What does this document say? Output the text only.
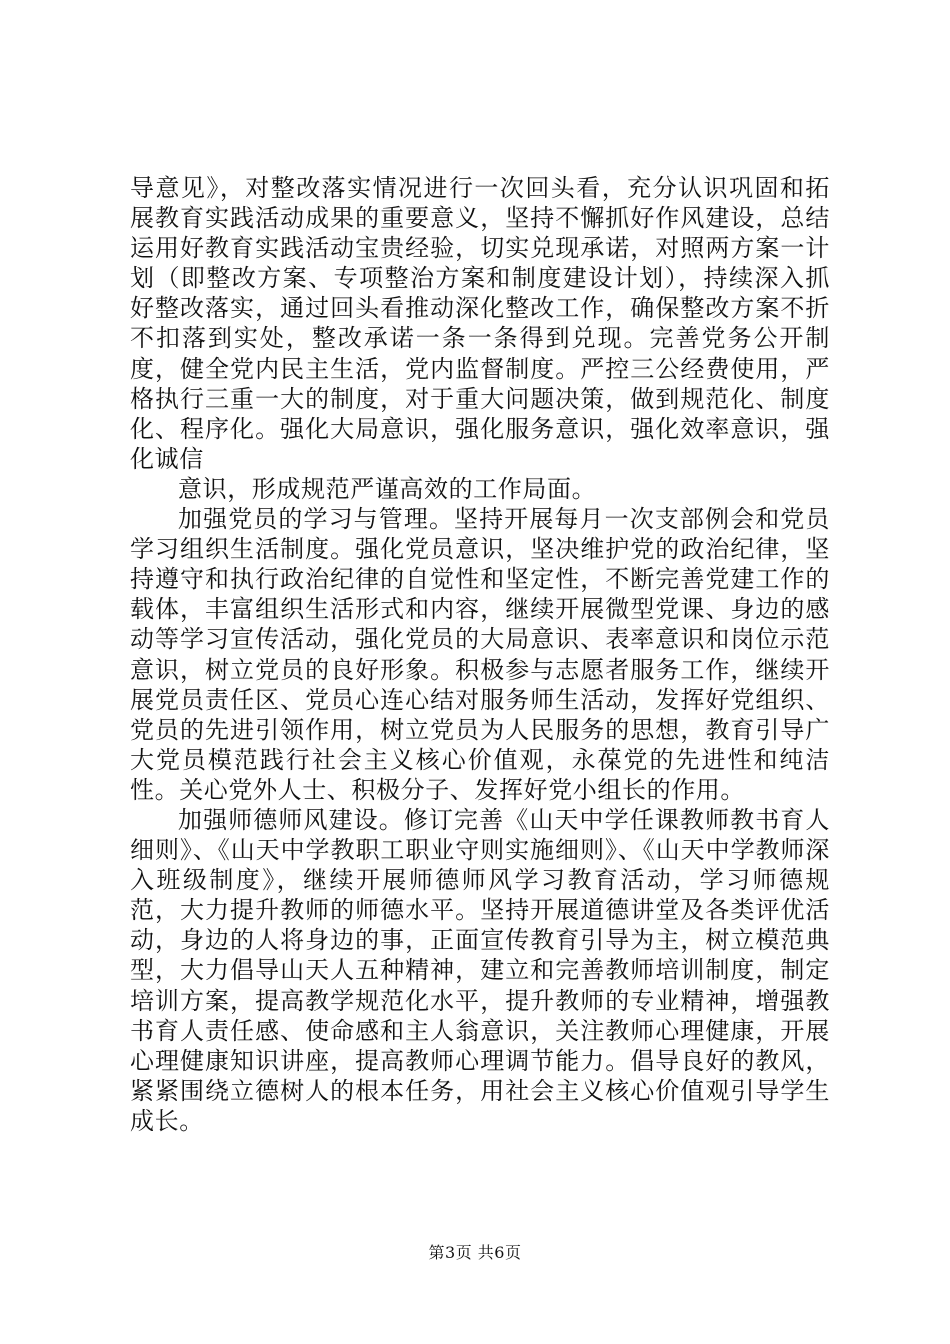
导意见》，对整改落实情况进行一次回头看，充分认识巩固和拓展教育实践活动成果的重要意义，坚持不懈抓好作风建设，总结运用好教育实践活动宝贵经验，切实兑现承诺，对照两方案一计划（即整改方案、专项整治方案和制度建设计划），持续深入抓好整改落实，通过回头看推动深化整改工作，确保整改方案不折不扣落到实处，整改承诺一条一条得到兑现。完善党务公开制度，健全党内民主生活，党内监督制度。严控三公经费使用，严格执行三重一大的制度，对于重大问题决策，做到规范化、制度化、程序化。强化大局意识，强化服务意识，强化效率意识，强化诚信

意识，形成规范严谨高效的工作局面。

加强党员的学习与管理。坚持开展每月一次支部例会和党员学习组织生活制度。强化党员意识，坚决维护党的政治纪律，坚持遵守和执行政治纪律的自觉性和坚定性，不断完善党建工作的载体，丰富组织生活形式和内容，继续开展微型党课、身边的感动等学习宣传活动，强化党员的大局意识、表率意识和岗位示范意识，树立党员的良好形象。积极参与志愿者服务工作，继续开展党员责任区、党员心连心结对服务师生活动，发挥好党组织、党员的先进引领作用，树立党员为人民服务的思想，教育引导广大党员模范践行社会主义核心价值观，永葆党的先进性和纯洁性。关心党外人士、积极分子、发挥好党小组长的作用。

加强师德师风建设。修订完善《山天中学任课教师教书育人细则》、《山天中学教职工职业守则实施细则》、《山天中学教师深入班级制度》，继续开展师德师风学习教育活动，学习师德规范，大力提升教师的师德水平。坚持开展道德讲堂及各类评优活动，身边的人将身边的事，正面宣传教育引导为主，树立模范典型，大力倡导山天人五种精神，建立和完善教师培训制度，制定培训方案，提高教学规范化水平，提升教师的专业精神，增强教书育人责任感、使命感和主人翁意识，关注教师心理健康，开展心理健康知识讲座，提高教师心理调节能力。倡导良好的教风，紧紧围绕立德树人的根本任务，用社会主义核心价值观引导学生成长。

第3页 共6页
